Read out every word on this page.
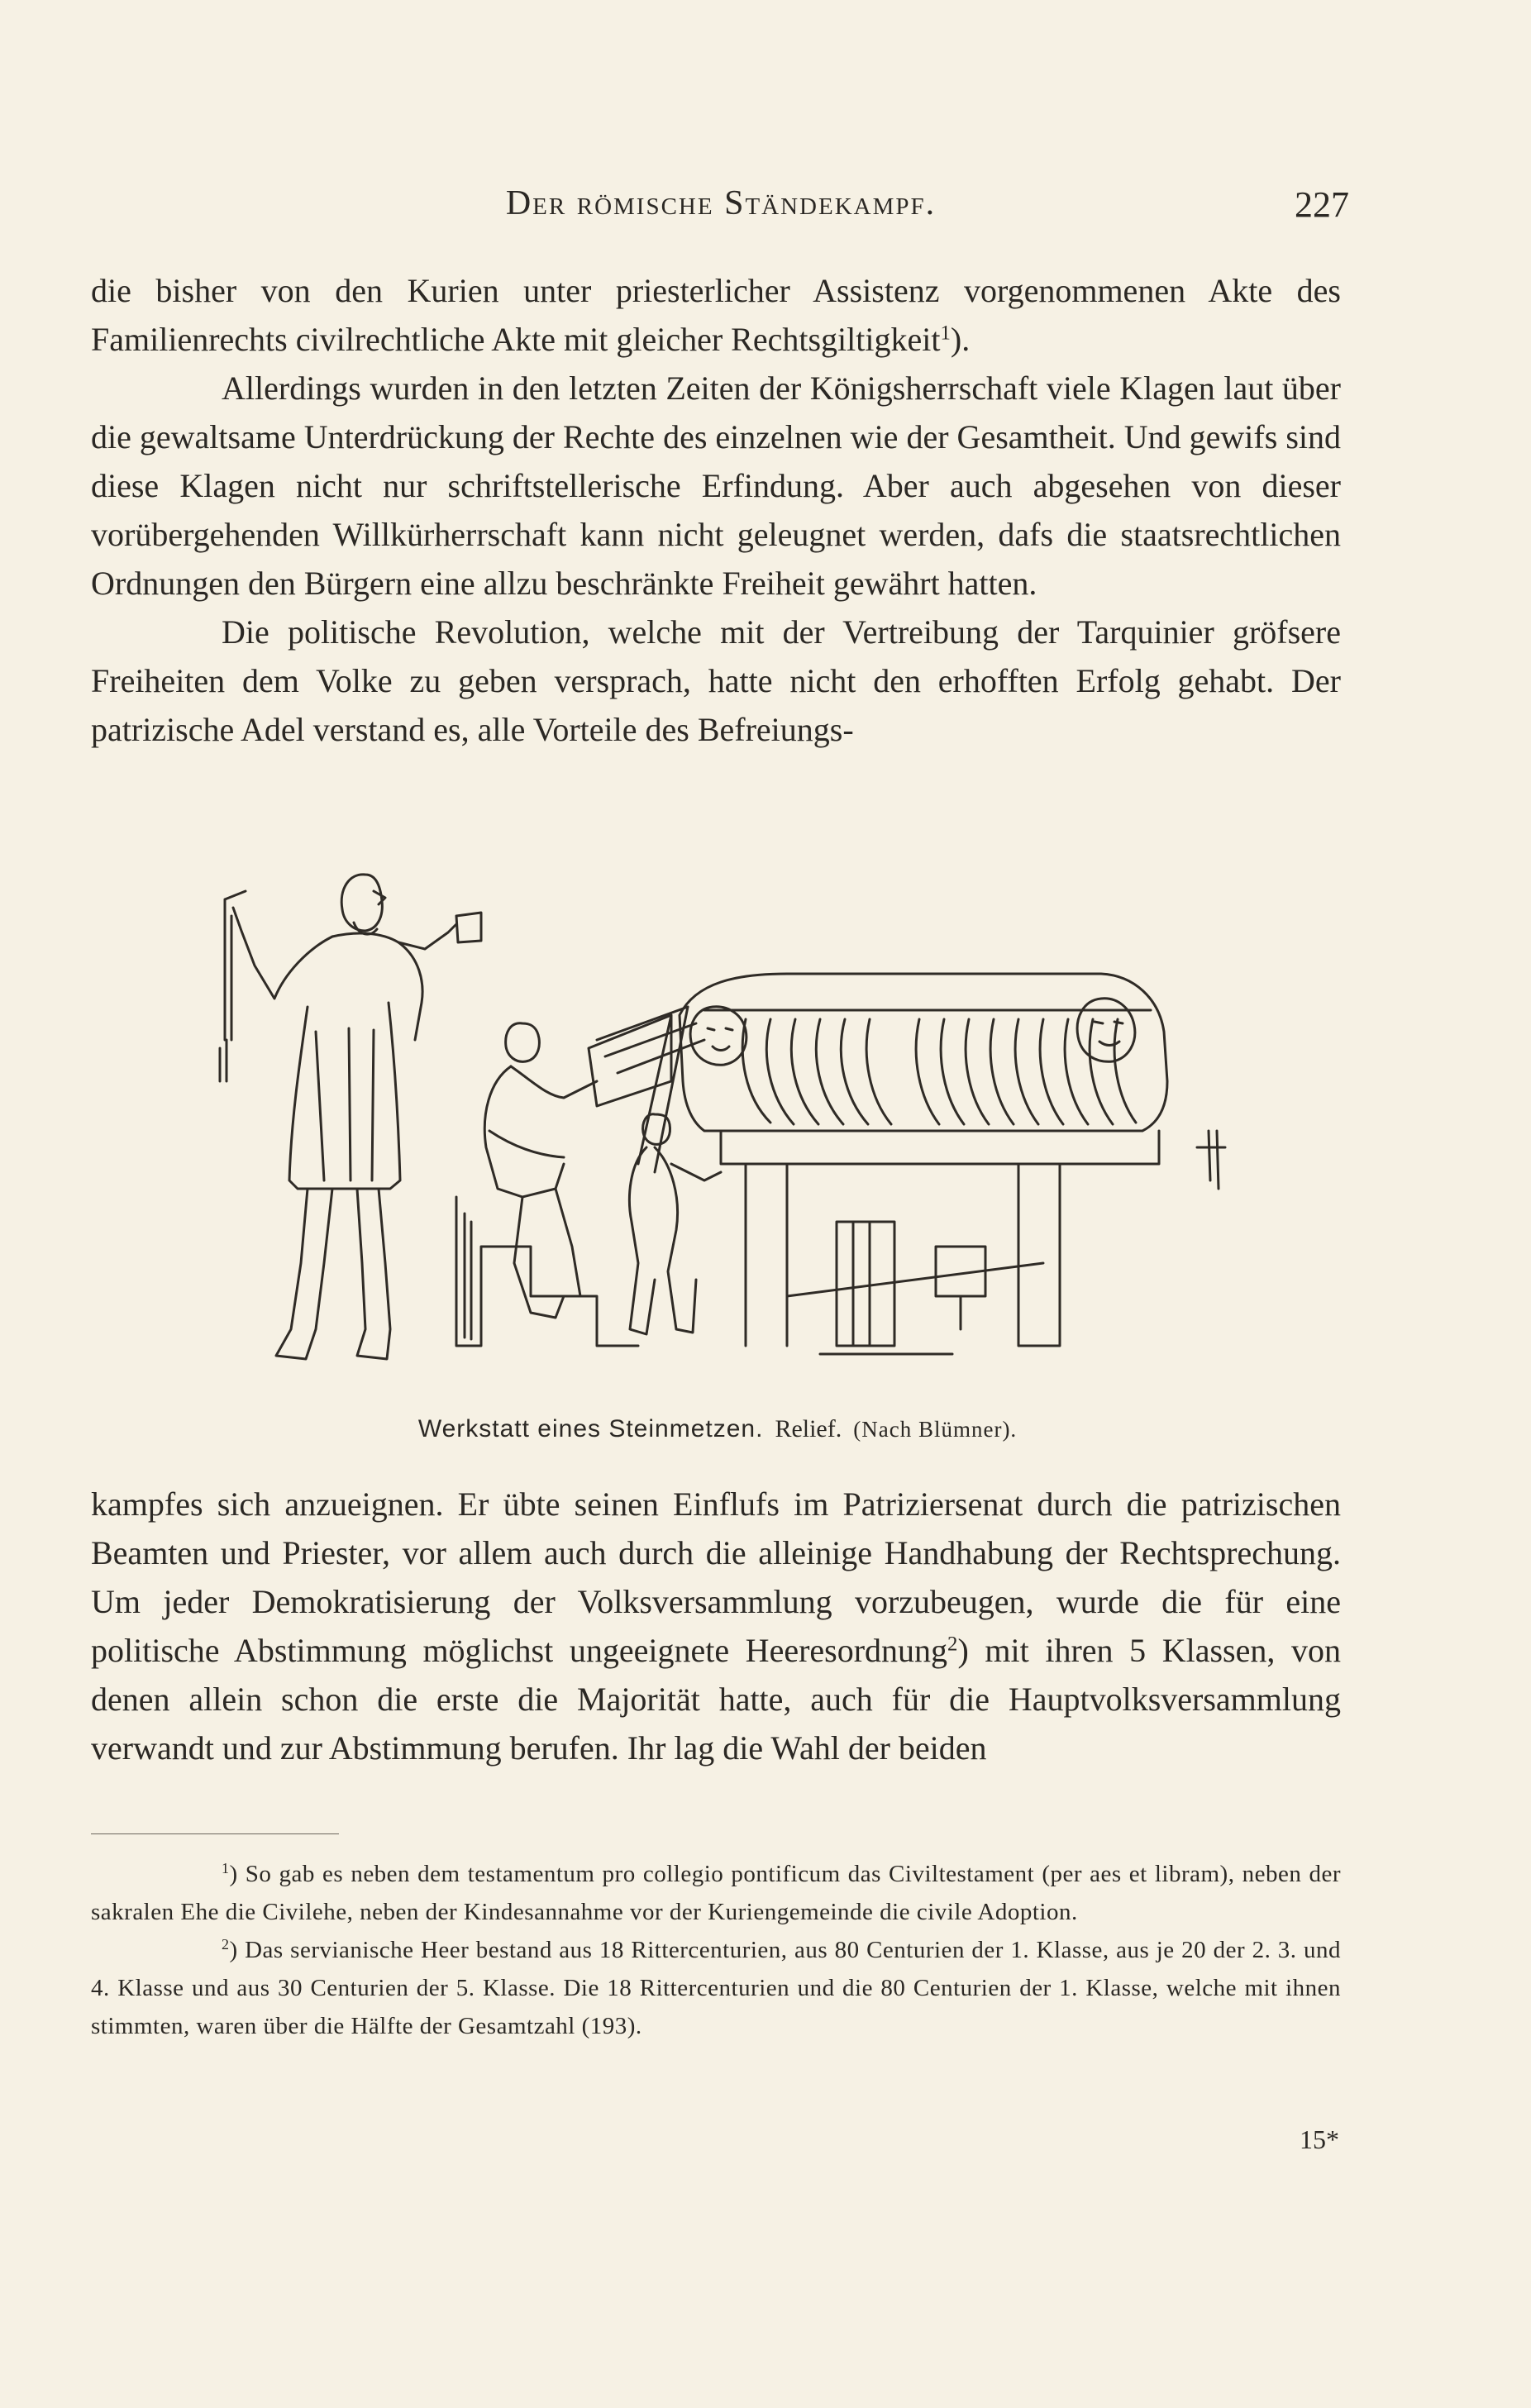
Der römische Ständekampf.	227

die bisher von den Kurien unter priesterlicher Assistenz vorgenommenen Akte des Familienrechts civilrechtliche Akte mit gleicher Rechtsgiltigkeit$^1$).

Allerdings wurden in den letzten Zeiten der Königsherrschaft viele Klagen laut über die gewaltsame Unterdrückung der Rechte des einzelnen wie der Gesamtheit. Und gewifs sind diese Klagen nicht nur schriftstellerische Erfindung. Aber auch abgesehen von dieser vorübergehenden Willkürherrschaft kann nicht geleugnet werden, dafs die staatsrechtlichen Ordnungen den Bürgern eine allzu beschränkte Freiheit gewährt hatten.

Die politische Revolution, welche mit der Vertreibung der Tarquinier gröfsere Freiheiten dem Volke zu geben versprach, hatte nicht den erhofften Erfolg gehabt. Der patrizische Adel verstand es, alle Vorteile des Befreiungs-

Werkstatt eines Steinmetzen. Relief. (Nach Blümner).

kampfes sich anzueignen. Er übte seinen Einflufs im Patriziersenat durch die patrizischen Beamten und Priester, vor allem auch durch die alleinige Handhabung der Rechtsprechung. Um jeder Demokratisierung der Volksversammlung vorzubeugen, wurde die für eine politische Abstimmung möglichst ungeeignete Heeresordnung$^2$) mit ihren 5 Klassen, von denen allein schon die erste die Majorität hatte, auch für die Hauptvolksversammlung verwandt und zur Abstimmung berufen. Ihr lag die Wahl der beiden

$^1$) So gab es neben dem testamentum pro collegio pontificum das Civiltestament (per aes et libram), neben der sakralen Ehe die Civilehe, neben der Kindesannahme vor der Kuriengemeinde die civile Adoption.

$^2$) Das servianische Heer bestand aus 18 Rittercenturien, aus 80 Centurien der 1. Klasse, aus je 20 der 2. 3. und 4. Klasse und aus 30 Centurien der 5. Klasse. Die 18 Rittercenturien und die 80 Centurien der 1. Klasse, welche mit ihnen stimmten, waren über die Hälfte der Gesamtzahl (193).

15*
